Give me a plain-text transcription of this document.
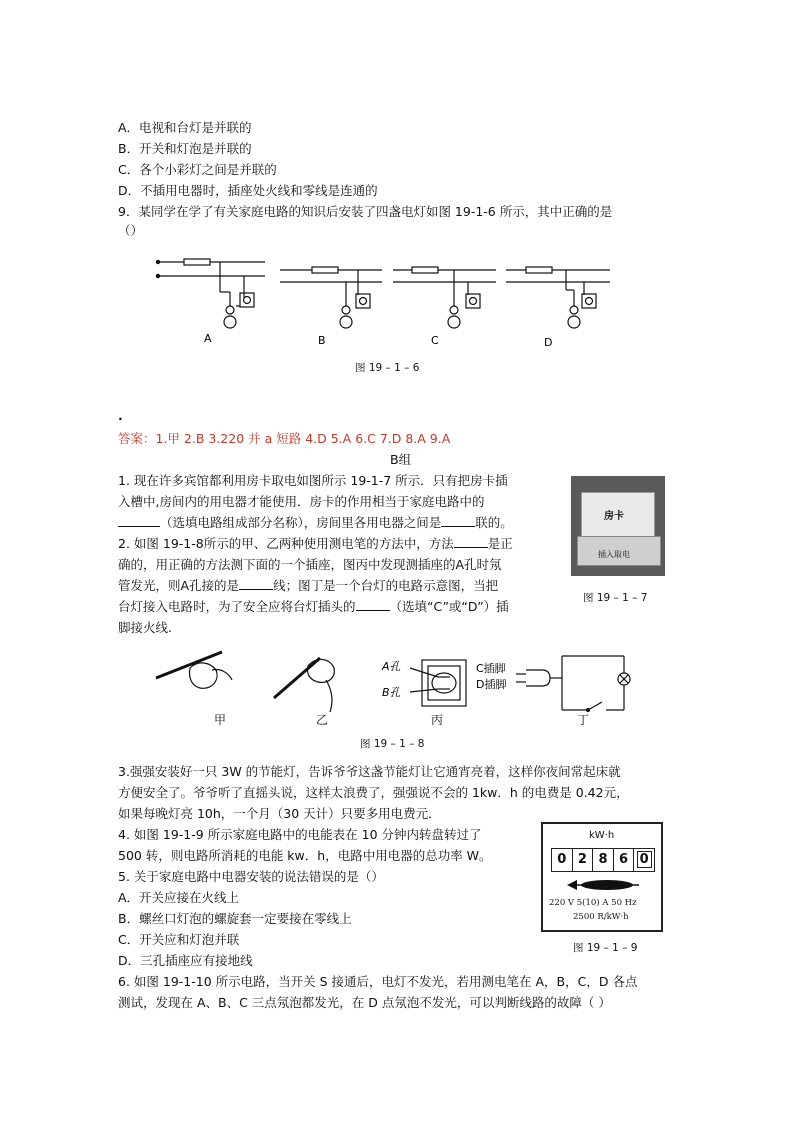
A．电视和台灯是并联的
B．开关和灯泡是并联的
C．各个小彩灯之间是并联的
D．不插用电器时，插座处火线和零线是连通的
9．某同学在学了有关家庭电路的知识后安装了四盏电灯如图 19-1-6 所示，其中正确的是
（）
A	B	C	D
图 19 – 1 – 6
.
答案：1.甲 2.B 3.220 并 a 短路 4.D 5.A 6.C 7.D 8.A 9.A
B组
1. 现在许多宾馆都利用房卡取电如图所示 19-1-7 所示．只有把房卡插
入槽中,房间内的用电器才能使用．房卡的作用相当于家庭电路中的
（选填电路组成部分名称），房间里各用电器之间是	联的。	房卡
插入取电
图 19 – 1 – 7
2. 如图 19-1-8所示的甲、乙两种使用测电笔的方法中，方法	是正
确的，用正确的方法测下面的一个插座，图丙中发现测插座的A孔时氖
管发光，则A孔接的是	线；图丁是一个台灯的电路示意图，当把
台灯接入电路时，为了安全应将台灯插头的	（选填“C”或“D”）插
脚接火线.
A孔
B孔
C插脚
D插脚
甲	乙	丙	丁
图 19 – 1 – 8
3.强强安装好一只 3W 的节能灯，告诉爷爷这盏节能灯让它通宵亮着，这样你夜间常起床就
方便安全了。爷爷听了直摇头说，这样太浪费了，强强说不会的 1kw．h 的电费是 0.42元，
如果每晚灯亮 10h，一个月（30 天计）只要多用电费元．
4. 如图 19-1-9 所示家庭电路中的电能表在 10 分钟内转盘转过了
500 转，则电路所消耗的电能 kw．h，电路中用电器的总功率 W。
kW·h
0 2 8 6 0
220 V 5(10) A 50 Hz
2500 R/kW·h
图 19 – 1 – 9
5. 关于家庭电路中电器安装的说法错误的是（）
A．开关应接在火线上
B．螺丝口灯泡的螺旋套一定要接在零线上
C．开关应和灯泡并联
D．三孔插座应有接地线
6. 如图 19-1-10 所示电路，当开关 S 接通后，电灯不发光，若用测电笔在 A，B，C，D 各点
测试，发现在 A、B、C 三点氖泡都发光，在 D 点氖泡不发光，可以判断线路的故障（ ）
